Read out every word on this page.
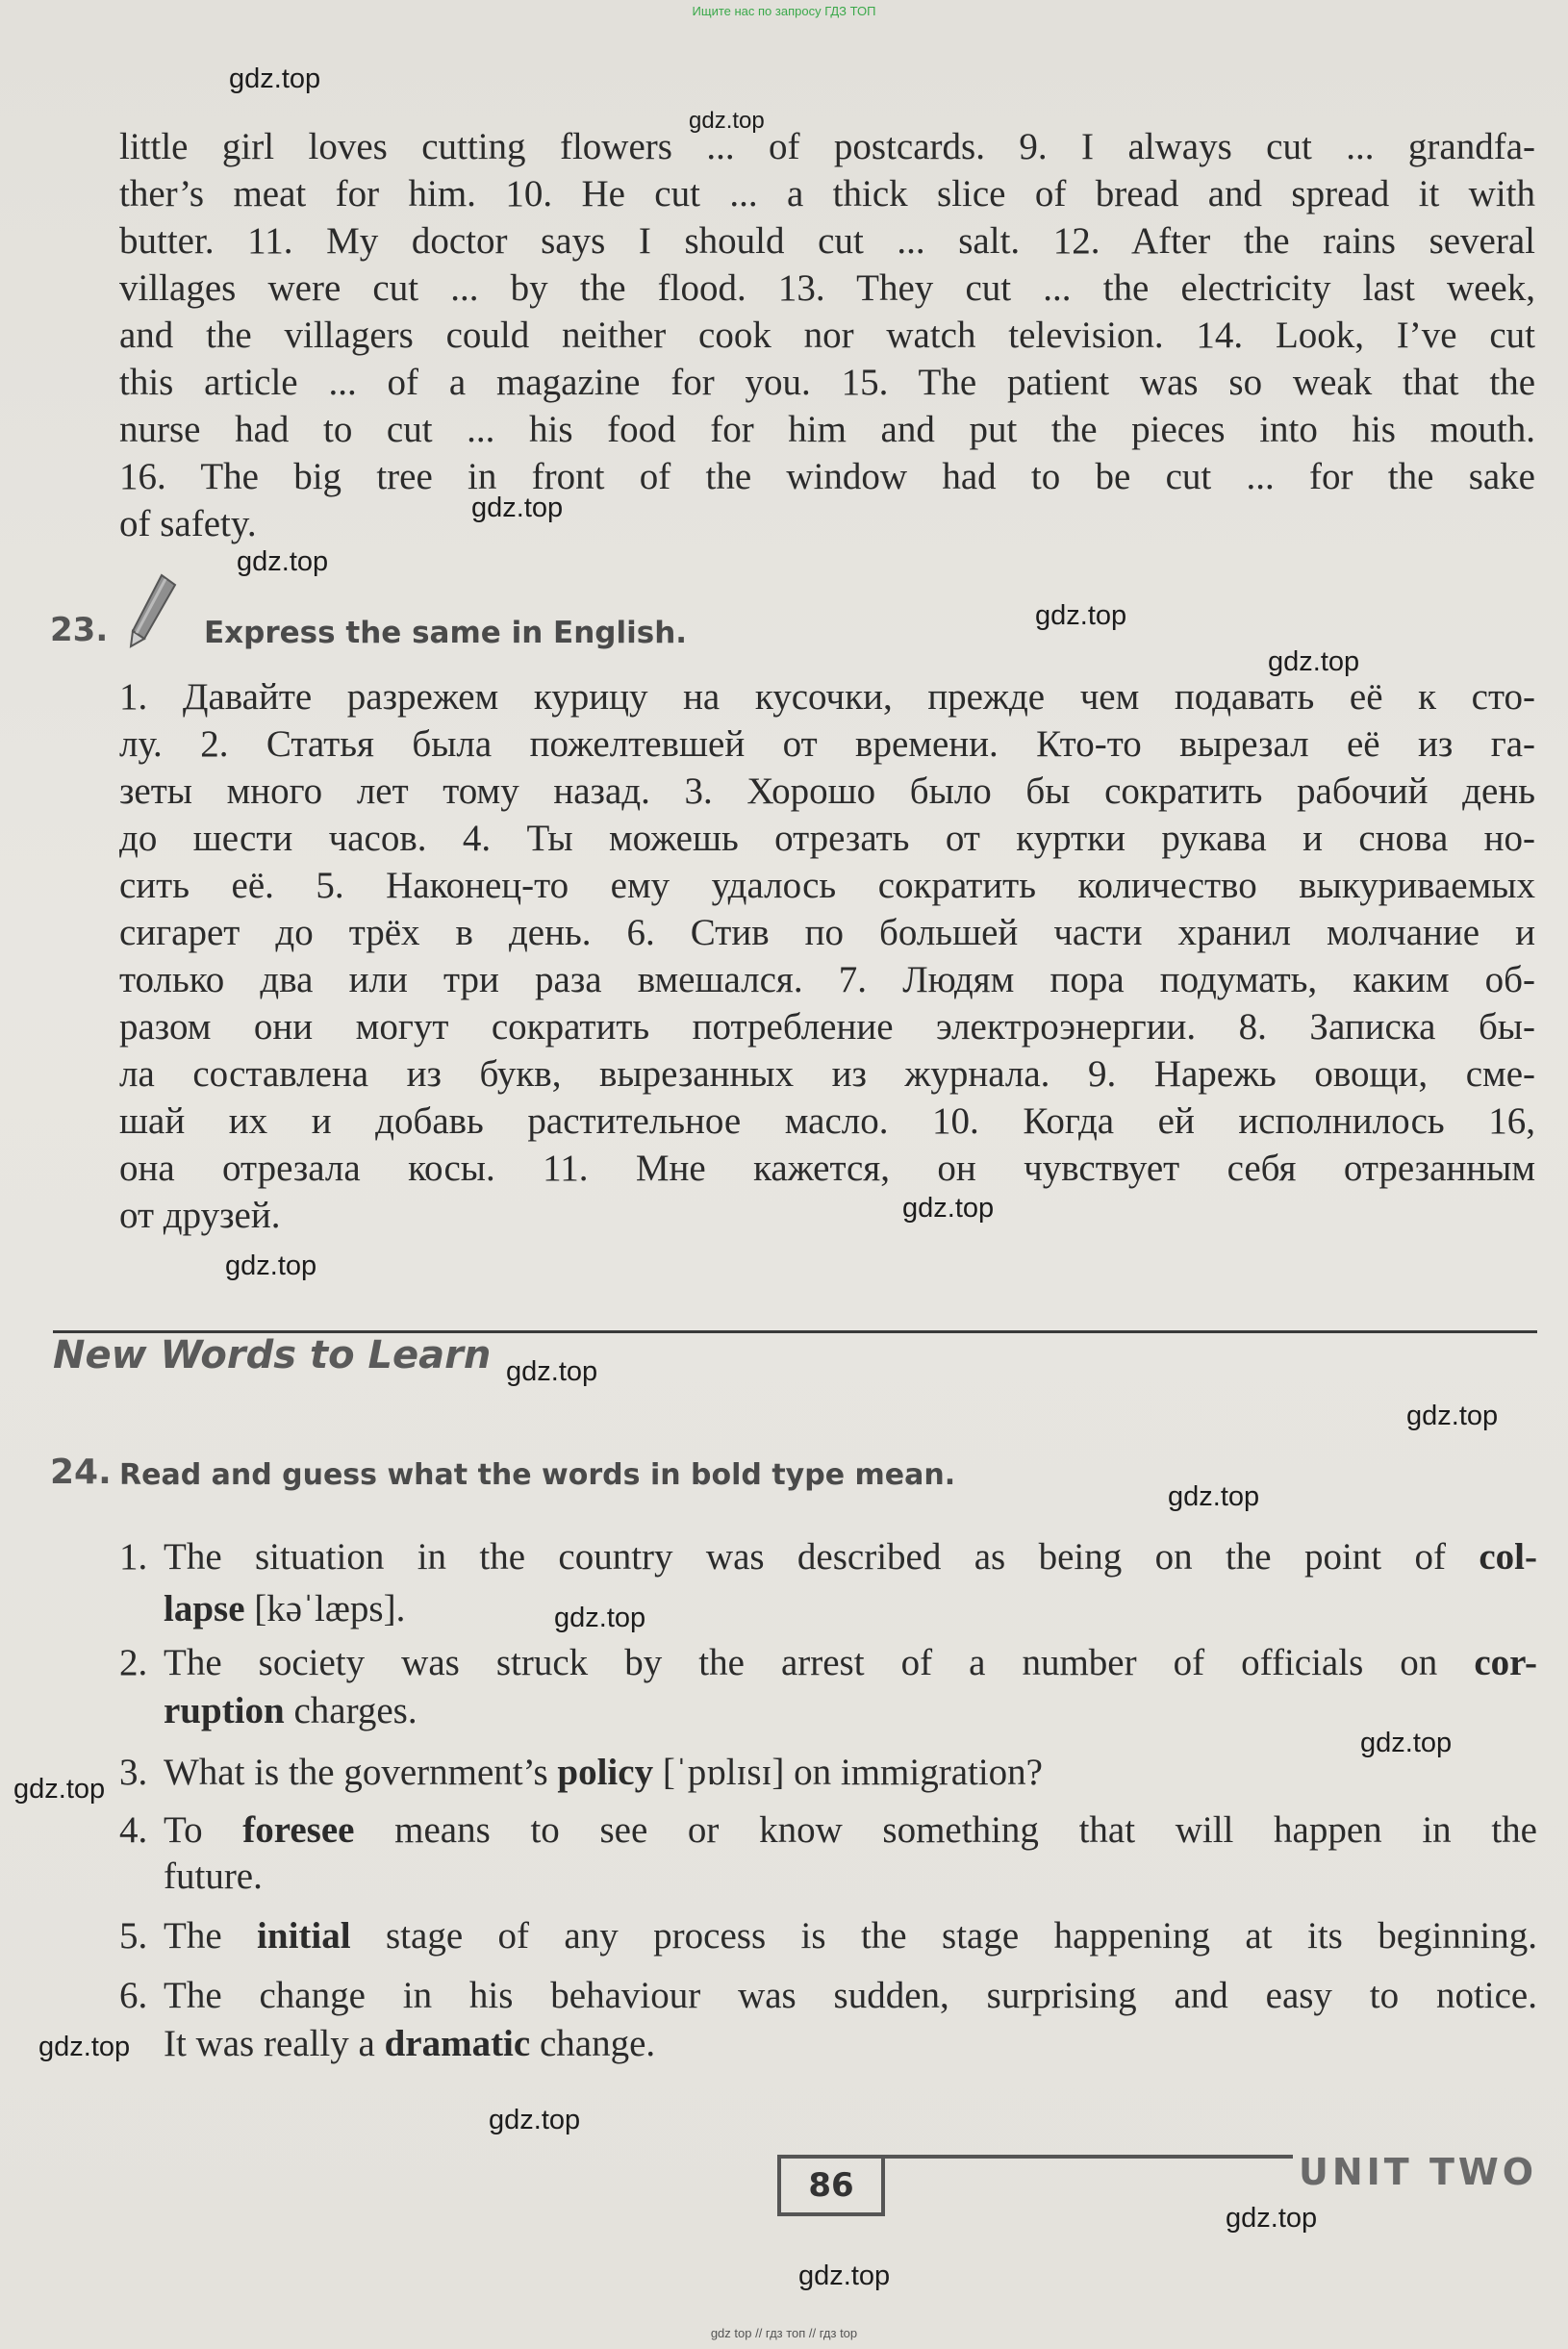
Ищите нас по запросу ГДЗ ТОП
little girl loves cutting flowers ... of postcards. 9. I always cut ... grandfa-
ther’s meat for him. 10. He cut ... a thick slice of bread and spread it with
butter. 11. My doctor says I should cut ... salt. 12. After the rains several
villages were cut ... by the flood. 13. They cut ... the electricity last week,
and the villagers could neither cook nor watch television. 14. Look, I’ve cut
this article ... of a magazine for you. 15. The patient was so weak that the
nurse had to cut ... his food for him and put the pieces into his mouth.
16. The big tree in front of the window had to be cut ... for the sake
of safety.
23.	Express the same in English.
1. Давайте разрежем курицу на кусочки, прежде чем подавать её к сто-
лу. 2. Статья была пожелтевшей от времени. Кто-то вырезал её из га-
зеты много лет тому назад. 3. Хорошо было бы сократить рабочий день
до шести часов. 4. Ты можешь отрезать от куртки рукава и снова но-
сить её. 5. Наконец-то ему удалось сократить количество выкуриваемых
сигарет до трёх в день. 6. Стив по большей части хранил молчание и
только два или три раза вмешался. 7. Людям пора подумать, каким об-
разом они могут сократить потребление электроэнергии. 8. Записка бы-
ла составлена из букв, вырезанных из журнала. 9. Нарежь овощи, сме-
шай их и добавь растительное масло. 10. Когда ей исполнилось 16,
она отрезала косы. 11. Мне кажется, он чувствует себя отрезанным
от друзей.
New Words to Learn
24. Read and guess what the words in bold type mean.
1. The situation in the country was described as being on the point of col-
lapse [kəˈlæps].
2. The society was struck by the arrest of a number of officials on cor-
ruption charges.
3. What is the government’s policy [ˈpɒlɪsɪ] on immigration?
4. To foresee means to see or know something that will happen in the
future.
5. The initial stage of any process is the stage happening at its beginning.
6. The change in his behaviour was sudden, surprising and easy to notice.
It was really a dramatic change.
86	UNIT TWO
gdz.top
gdz.top
gdz.top
gdz.top
gdz.top
gdz.top
gdz.top
gdz.top
gdz.top
gdz.top
gdz.top
gdz.top
gdz.top
gdz.top
gdz.top
gdz.top
gdz.top
gdz.top
gdz top // гдз топ // гдз top
